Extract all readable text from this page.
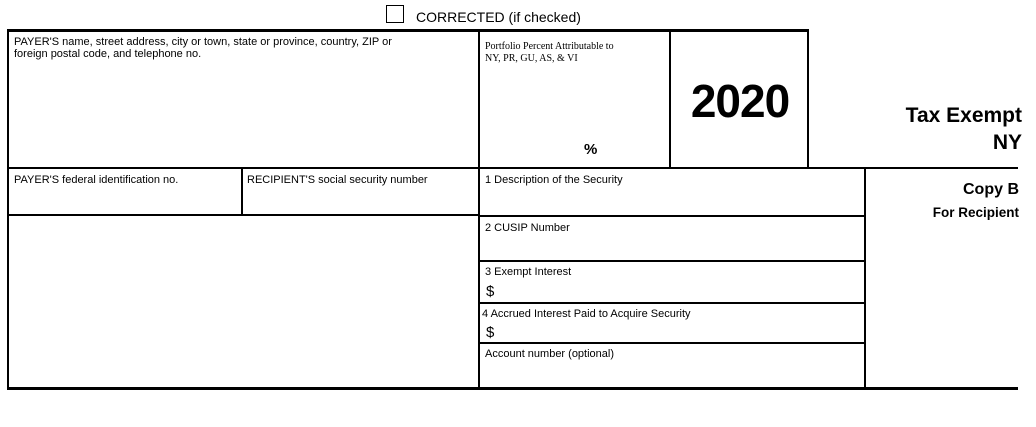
CORRECTED (if checked)
PAYER'S name, street address, city or town, state or province, country, ZIP or
foreign postal code, and telephone no.
Portfolio Percent Attributable to
NY, PR, GU, AS, & VI
%
2020	Tax Exempt
NY
PAYER'S federal identification no.	RECIPIENT'S social security number	1 Description of the Security
2 CUSIP Number
3 Exempt Interest
$
4 Accrued Interest Paid to Acquire Security
$
Account number (optional)
Copy B
For Recipient
